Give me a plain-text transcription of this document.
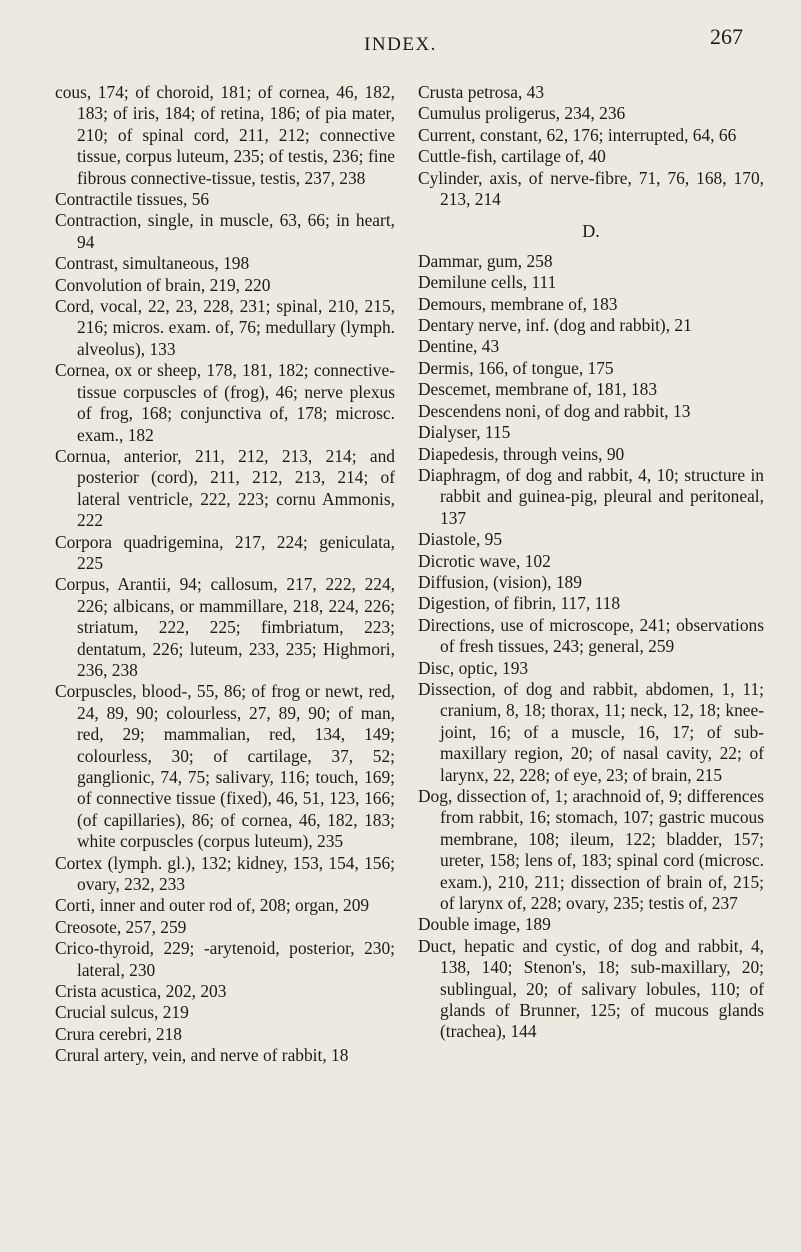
INDEX.	267

cous, 174; of choroid, 181; of cornea, 46, 182, 183; of iris, 184; of retina, 186; of pia mater, 210; of spinal cord, 211, 212; connective tissue, corpus luteum, 235; of testis, 236; fine fibrous connective-tissue, testis, 237, 238

Contractile tissues, 56

Contraction, single, in muscle, 63, 66; in heart, 94

Contrast, simultaneous, 198

Convolution of brain, 219, 220

Cord, vocal, 22, 23, 228, 231; spinal, 210, 215, 216; micros. exam. of, 76; medullary (lymph. alveolus), 133

Cornea, ox or sheep, 178, 181, 182; connective-tissue corpuscles of (frog), 46; nerve plexus of frog, 168; conjunctiva of, 178; microsc. exam., 182

Cornua, anterior, 211, 212, 213, 214; and posterior (cord), 211, 212, 213, 214; of lateral ventricle, 222, 223; cornu Ammonis, 222

Corpora quadrigemina, 217, 224; geniculata, 225

Corpus, Arantii, 94; callosum, 217, 222, 224, 226; albicans, or mammillare, 218, 224, 226; striatum, 222, 225; fimbriatum, 223; dentatum, 226; luteum, 233, 235; Highmori, 236, 238

Corpuscles, blood-, 55, 86; of frog or newt, red, 24, 89, 90; colourless, 27, 89, 90; of man, red, 29; mammalian, red, 134, 149; colourless, 30; of cartilage, 37, 52; ganglionic, 74, 75; salivary, 116; touch, 169; of connective tissue (fixed), 46, 51, 123, 166; (of capillaries), 86; of cornea, 46, 182, 183; white corpuscles (corpus luteum), 235

Cortex (lymph. gl.), 132; kidney, 153, 154, 156; ovary, 232, 233

Corti, inner and outer rod of, 208; organ, 209

Creosote, 257, 259

Crico-thyroid, 229; -arytenoid, posterior, 230; lateral, 230

Crista acustica, 202, 203

Crucial sulcus, 219

Crura cerebri, 218

Crural artery, vein, and nerve of rabbit, 18

Crusta petrosa, 43

Cumulus proligerus, 234, 236

Current, constant, 62, 176; interrupted, 64, 66

Cuttle-fish, cartilage of, 40

Cylinder, axis, of nerve-fibre, 71, 76, 168, 170, 213, 214

D.

Dammar, gum, 258

Demilune cells, 111

Demours, membrane of, 183

Dentary nerve, inf. (dog and rabbit), 21

Dentine, 43

Dermis, 166, of tongue, 175

Descemet, membrane of, 181, 183

Descendens noni, of dog and rabbit, 13

Dialyser, 115

Diapedesis, through veins, 90

Diaphragm, of dog and rabbit, 4, 10; structure in rabbit and guinea-pig, pleural and peritoneal, 137

Diastole, 95

Dicrotic wave, 102

Diffusion, (vision), 189

Digestion, of fibrin, 117, 118

Directions, use of microscope, 241; observations of fresh tissues, 243; general, 259

Disc, optic, 193

Dissection, of dog and rabbit, abdomen, 1, 11; cranium, 8, 18; thorax, 11; neck, 12, 18; knee-joint, 16; of a muscle, 16, 17; of sub-maxillary region, 20; of nasal cavity, 22; of larynx, 22, 228; of eye, 23; of brain, 215

Dog, dissection of, 1; arachnoid of, 9; differences from rabbit, 16; stomach, 107; gastric mucous membrane, 108; ileum, 122; bladder, 157; ureter, 158; lens of, 183; spinal cord (microsc. exam.), 210, 211; dissection of brain of, 215; of larynx of, 228; ovary, 235; testis of, 237

Double image, 189

Duct, hepatic and cystic, of dog and rabbit, 4, 138, 140; Stenon's, 18; sub-maxillary, 20; sublingual, 20; of salivary lobules, 110; of glands of Brunner, 125; of mucous glands (trachea), 144
